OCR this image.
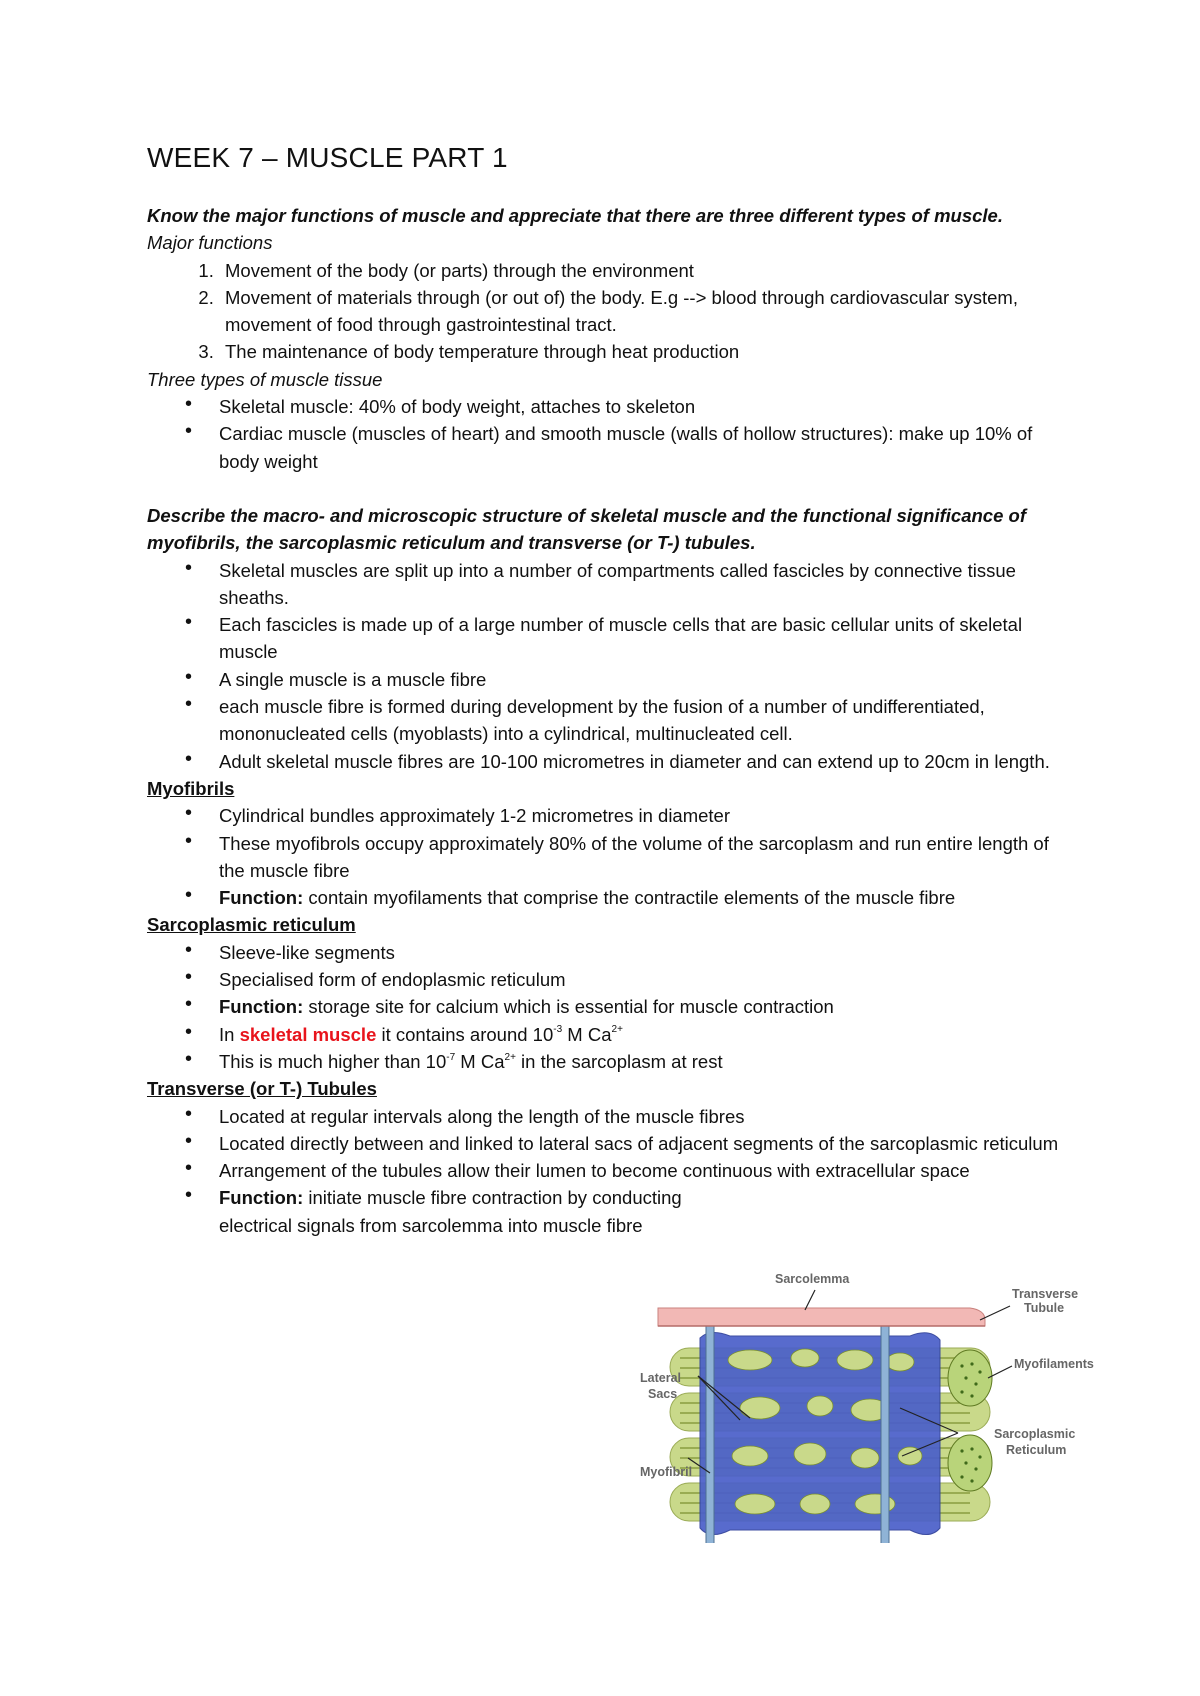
WEEK 7 – MUSCLE PART 1

Know the major functions of muscle and appreciate that there are three different types of muscle.

Major functions

1. Movement of the body (or parts) through the environment
2. Movement of materials through (or out of) the body. E.g --> blood through cardiovascular system, movement of food through gastrointestinal tract.
3. The maintenance of body temperature through heat production

Three types of muscle tissue

• Skeletal muscle: 40% of body weight, attaches to skeleton
• Cardiac muscle (muscles of heart) and smooth muscle (walls of hollow structures): make up 10% of body weight

Describe the macro- and microscopic structure of skeletal muscle and the functional significance of myofibrils, the sarcoplasmic reticulum and transverse (or T-) tubules.

• Skeletal muscles are split up into a number of compartments called fascicles by connective tissue sheaths.
• Each fascicles is made up of a large number of muscle cells that are basic cellular units of skeletal muscle
• A single muscle is a muscle fibre
• each muscle fibre is formed during development by the fusion of a number of undifferentiated, mononucleated cells (myoblasts) into a cylindrical, multinucleated cell.
• Adult skeletal muscle fibres are 10-100 micrometres in diameter and can extend up to 20cm in length.

Myofibrils

• Cylindrical bundles approximately 1-2 micrometres in diameter
• These myofibrols occupy approximately 80% of the volume of the sarcoplasm and run entire length of the muscle fibre
• Function: contain myofilaments that comprise the contractile elements of the muscle fibre

Sarcoplasmic reticulum

• Sleeve-like segments
• Specialised form of endoplasmic reticulum
• Function: storage site for calcium which is essential for muscle contraction
• In skeletal muscle it contains around $10^{-3}$ M $Ca^{2+}$
• This is much higher than $10^{-7}$ M $Ca^{2+}$ in the sarcoplasm at rest

Transverse (or T-) Tubules

• Located at regular intervals along the length of the muscle fibres
• Located directly between and linked to lateral sacs of adjacent segments of the sarcoplasmic reticulum
• Arrangement of the tubules allow their lumen to become continuous with extracellular space
• Function: initiate muscle fibre contraction by conducting electrical signals from sarcolemma into muscle fibre
Sarcolemma
Transverse
Tubule
Myofilaments
Lateral
Sacs
Sarcoplasmic
Reticulum
Myofibril
